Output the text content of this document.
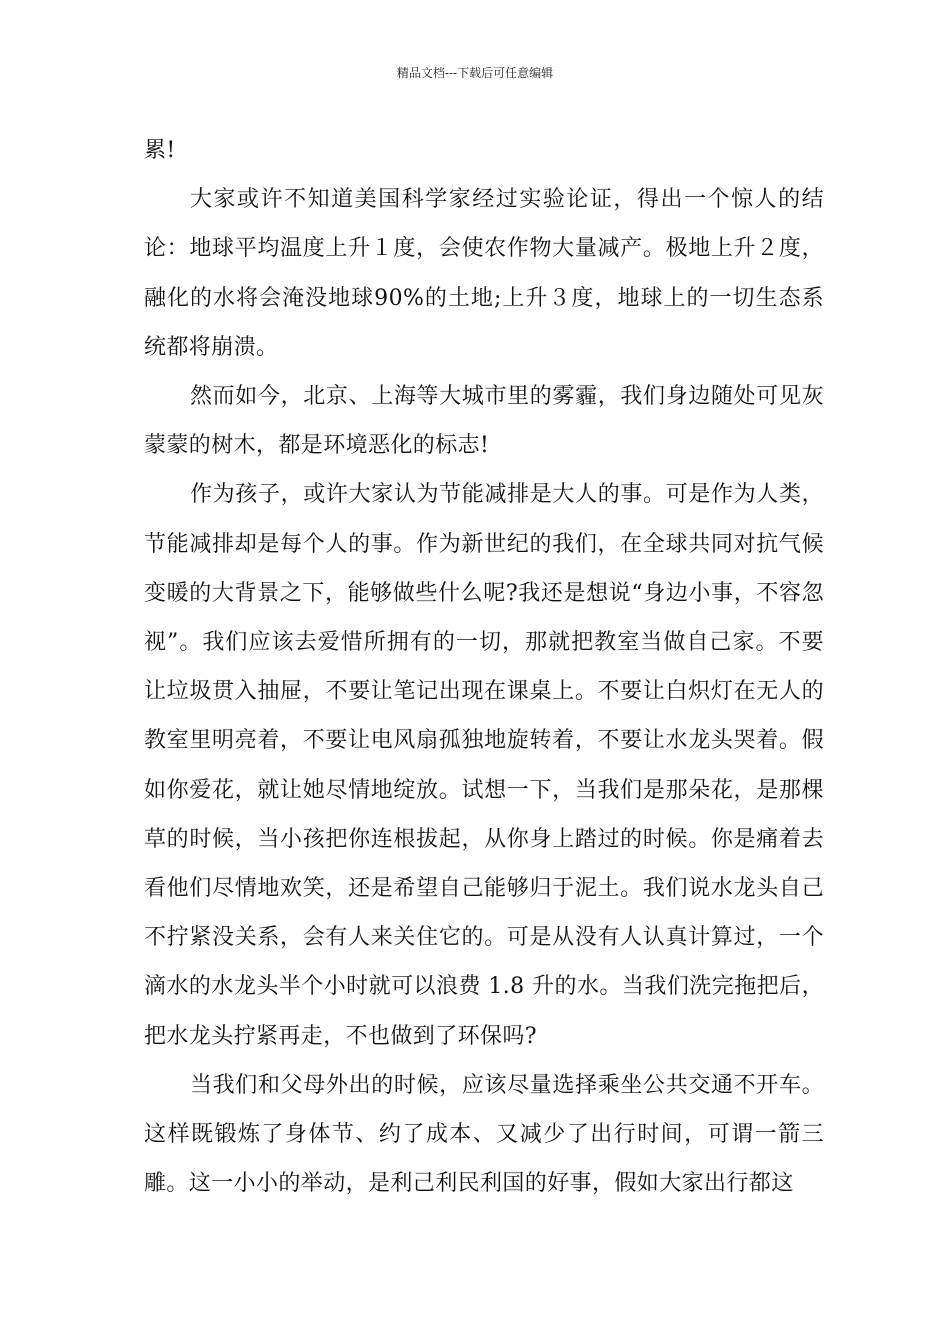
精品文档---下载后可任意编辑

累!

大家或许不知道美国科学家经过实验论证，得出一个惊人的结论：地球平均温度上升１度，会使农作物大量减产。极地上升２度，融化的水将会淹没地球90%的土地;上升３度，地球上的一切生态系统都将崩溃。

然而如今，北京、上海等大城市里的雾霾，我们身边随处可见灰蒙蒙的树木，都是环境恶化的标志!

作为孩子，或许大家认为节能减排是大人的事。可是作为人类，节能减排却是每个人的事。作为新世纪的我们，在全球共同对抗气候变暖的大背景之下，能够做些什么呢?我还是想说“身边小事，不容忽视”。我们应该去爱惜所拥有的一切，那就把教室当做自己家。不要让垃圾贯入抽屉，不要让笔记出现在课桌上。不要让白炽灯在无人的教室里明亮着，不要让电风扇孤独地旋转着，不要让水龙头哭着。假如你爱花，就让她尽情地绽放。试想一下，当我们是那朵花，是那棵草的时候，当小孩把你连根拔起，从你身上踏过的时候。你是痛着去看他们尽情地欢笑，还是希望自己能够归于泥土。我们说水龙头自己不拧紧没关系，会有人来关住它的。可是从没有人认真计算过，一个滴水的水龙头半个小时就可以浪费 1.8 升的水。当我们洗完拖把后，把水龙头拧紧再走，不也做到了环保吗?

当我们和父母外出的时候，应该尽量选择乘坐公共交通不开车。这样既锻炼了身体节、约了成本、又减少了出行时间，可谓一箭三雕。这一小小的举动，是利己利民利国的好事，假如大家出行都这
